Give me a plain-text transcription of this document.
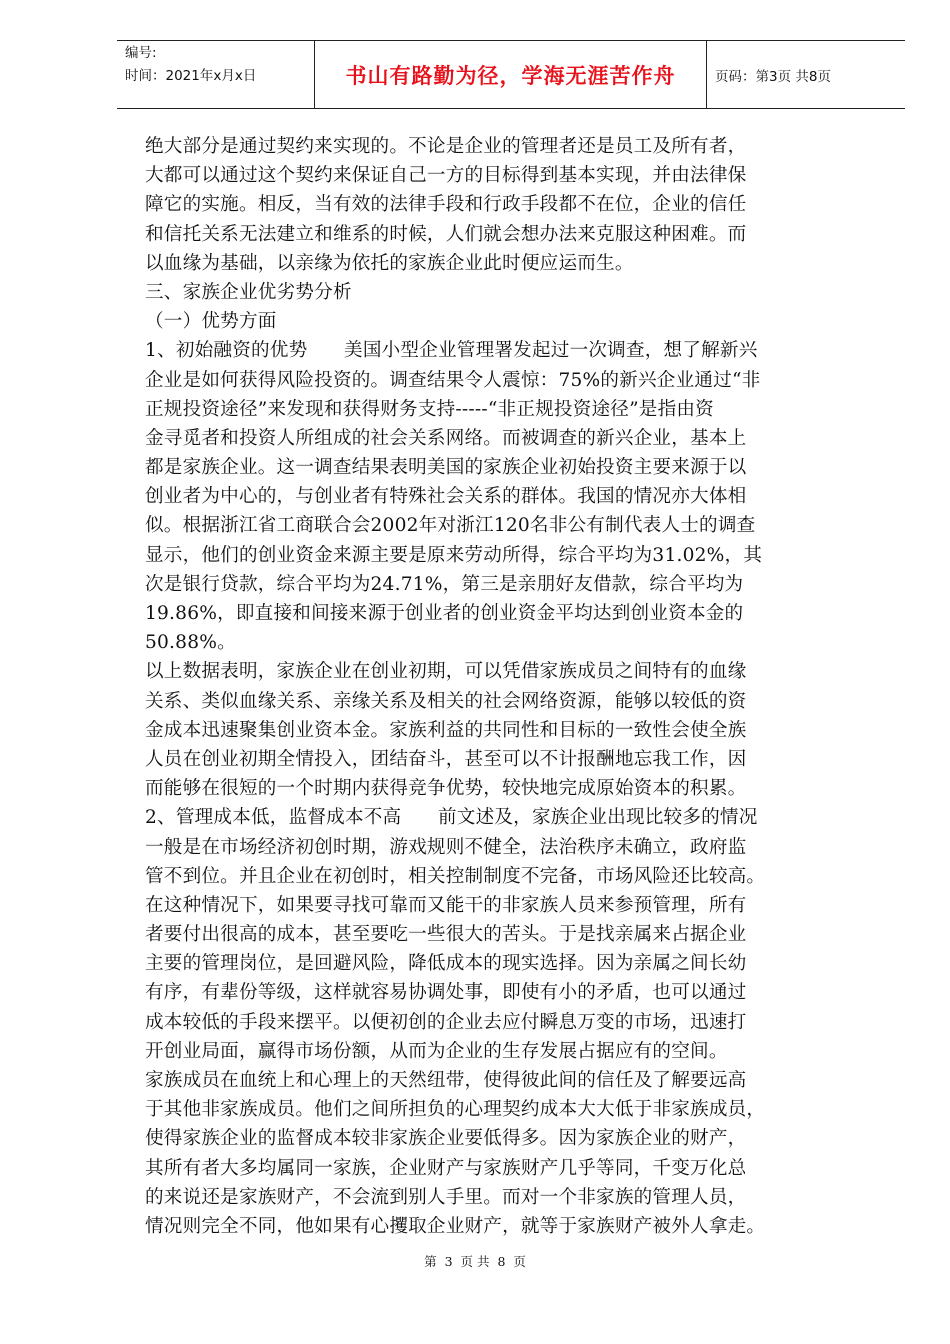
编号:
时间：2021年x月x日	书山有路勤为径，学海无涯苦作舟	页码：第3页 共8页
绝大部分是通过契约来实现的。不论是企业的管理者还是员工及所有者，
大都可以通过这个契约来保证自己一方的目标得到基本实现，并由法律保
障它的实施。相反，当有效的法律手段和行政手段都不在位，企业的信任
和信托关系无法建立和维系的时候，人们就会想办法来克服这种困难。而
以血缘为基础，以亲缘为依托的家族企业此时便应运而生。
三、家族企业优劣势分析
（一）优势方面
1、初始融资的优势      美国小型企业管理署发起过一次调查，想了解新兴
企业是如何获得风险投资的。调查结果令人震惊：75%的新兴企业通过“非
正规投资途径”来发现和获得财务支持-----“非正规投资途径”是指由资
金寻觅者和投资人所组成的社会关系网络。而被调查的新兴企业，基本上
都是家族企业。这一调查结果表明美国的家族企业初始投资主要来源于以
创业者为中心的，与创业者有特殊社会关系的群体。我国的情况亦大体相
似。根据浙江省工商联合会2002年对浙江120名非公有制代表人士的调查
显示，他们的创业资金来源主要是原来劳动所得，综合平均为31.02%，其
次是银行贷款，综合平均为24.71%，第三是亲朋好友借款，综合平均为
19.86%，即直接和间接来源于创业者的创业资金平均达到创业资本金的
50.88%。
以上数据表明，家族企业在创业初期，可以凭借家族成员之间特有的血缘
关系、类似血缘关系、亲缘关系及相关的社会网络资源，能够以较低的资
金成本迅速聚集创业资本金。家族利益的共同性和目标的一致性会使全族
人员在创业初期全情投入，团结奋斗，甚至可以不计报酬地忘我工作，因
而能够在很短的一个时期内获得竞争优势，较快地完成原始资本的积累。
2、管理成本低，监督成本不高      前文述及，家族企业出现比较多的情况
一般是在市场经济初创时期，游戏规则不健全，法治秩序未确立，政府监
管不到位。并且企业在初创时，相关控制制度不完备，市场风险还比较高。
在这种情况下，如果要寻找可靠而又能干的非家族人员来参预管理，所有
者要付出很高的成本，甚至要吃一些很大的苦头。于是找亲属来占据企业
主要的管理岗位，是回避风险，降低成本的现实选择。因为亲属之间长幼
有序，有辈份等级，这样就容易协调处事，即使有小的矛盾，也可以通过
成本较低的手段来摆平。以便初创的企业去应付瞬息万变的市场，迅速打
开创业局面，赢得市场份额，从而为企业的生存发展占据应有的空间。
家族成员在血统上和心理上的天然纽带，使得彼此间的信任及了解要远高
于其他非家族成员。他们之间所担负的心理契约成本大大低于非家族成员，
使得家族企业的监督成本较非家族企业要低得多。因为家族企业的财产，
其所有者大多均属同一家族，企业财产与家族财产几乎等同，千变万化总
的来说还是家族财产，不会流到别人手里。而对一个非家族的管理人员，
情况则完全不同，他如果有心攫取企业财产，就等于家族财产被外人拿走。
第 3 页 共 8 页
